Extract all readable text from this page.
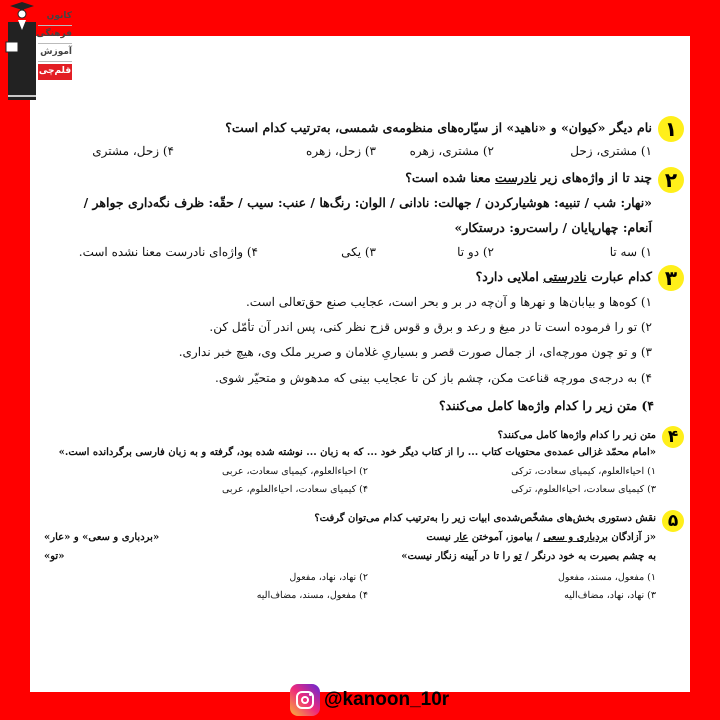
۱
نام دیگر «کیوان» و «ناهید» از سیّاره‌های منظومه‌ی شمسی، به‌ترتیب کدام است؟
۱) مشتری، زحل
۲) مشتری، زهره
۳) زحل، زهره
۴) زحل، مشتری
۲
چند تا از واژه‌های زیر نادرست معنا شده است؟
«نهار: شب / تنبیه: هوشیارکردن / جهالت: نادانی / الوان: رنگ‌ها / عنب: سیب / حقّه: ظرف نگه‌داری جواهر /
اَنعام: چهارپایان / راست‌رو: درستکار»
۱) سه تا
۲) دو تا
۳) یکی
۴) واژه‌ای نادرست معنا نشده است.
۳
کدام عبارت نادرستی املایی دارد؟
۱) کوه‌ها و بیابان‌ها و نهرها و آن‌چه در بر و بحر است، عجایب صنع حق‌تعالی است.
۲) تو را فرموده است تا در میغ و رعد و برق و قوس قزح نظر کنی، پس اندر آن تأمّل کن.
۳) و تو چون مورچه‌ای، از جمال صورت قصر و بسیاریِ غلامان و صریر ملک وی، هیچ خبر نداری.
۴) به درجه‌ی مورچه قناعت مکن، چشم باز کن تا عجایب بینی که مدهوش و متحیّر شوی.
۴) متن زیر را کدام واژه‌ها کامل می‌کنند؟
۴
متن زیر را کدام واژه‌ها کامل می‌کنند؟
«امام محمّد غزالی عمده‌ی محتویات کتاب ... را از کتاب دیگر خود ... که به زبان ... نوشته شده بود، گرفته و به زبان فارسی برگردانده است.»
۱) احیاءالعلوم، کیمیای سعادت، ترکی
۲) احیاءالعلوم، کیمیای سعادت، عربی
۳) کیمیای سعادت، احیاءالعلوم، ترکی
۴) کیمیای سعادت، احیاءالعلوم، عربی
۵
نقش دستوری بخش‌های مشخّص‌شده‌ی ابیات زیر را به‌ترتیب کدام می‌توان گرفت؟
«ز آزادگان بردباری و سعی / بیاموز، آموختن عار نیست
«بردباری و سعی» و «عار»
به چشم بصیرت به خود درنگر / تو را تا در آیینه زنگار نیست»
«تو»
۱) مفعول، مسند، مفعول
۲) نهاد، نهاد، مفعول
۳) نهاد، نهاد، مضاف‌الیه
۴) مفعول، مسند، مضاف‌الیه
کانون
فرهنگی
آموزش
قلم‌چی
@kanoon_10r
